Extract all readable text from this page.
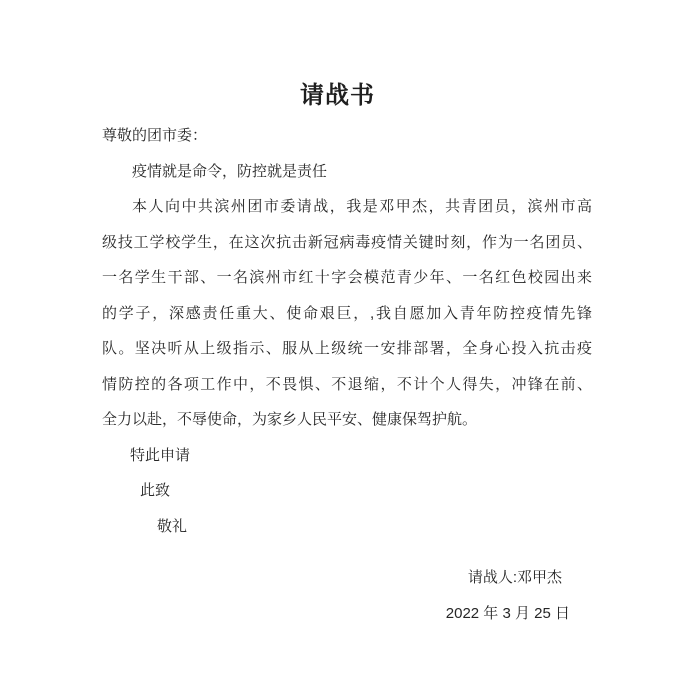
请战书
尊敬的团市委：
疫情就是命令，防控就是责任
本人向中共滨州团市委请战，我是邓甲杰，共青团员，滨州市高
级技工学校学生，在这次抗击新冠病毒疫情关键时刻，作为一名团员、
一名学生干部、一名滨州市红十字会模范青少年、一名红色校园出来
的学子，深感责任重大、使命艰巨，,我自愿加入青年防控疫情先锋
队。坚决听从上级指示、服从上级统一安排部署，全身心投入抗击疫
情防控的各项工作中，不畏惧、不退缩，不计个人得失，冲锋在前、
全力以赴，不辱使命，为家乡人民平安、健康保驾护航。
特此申请
此致
敬礼
请战人:邓甲杰
2022 年 3 月 25 日
